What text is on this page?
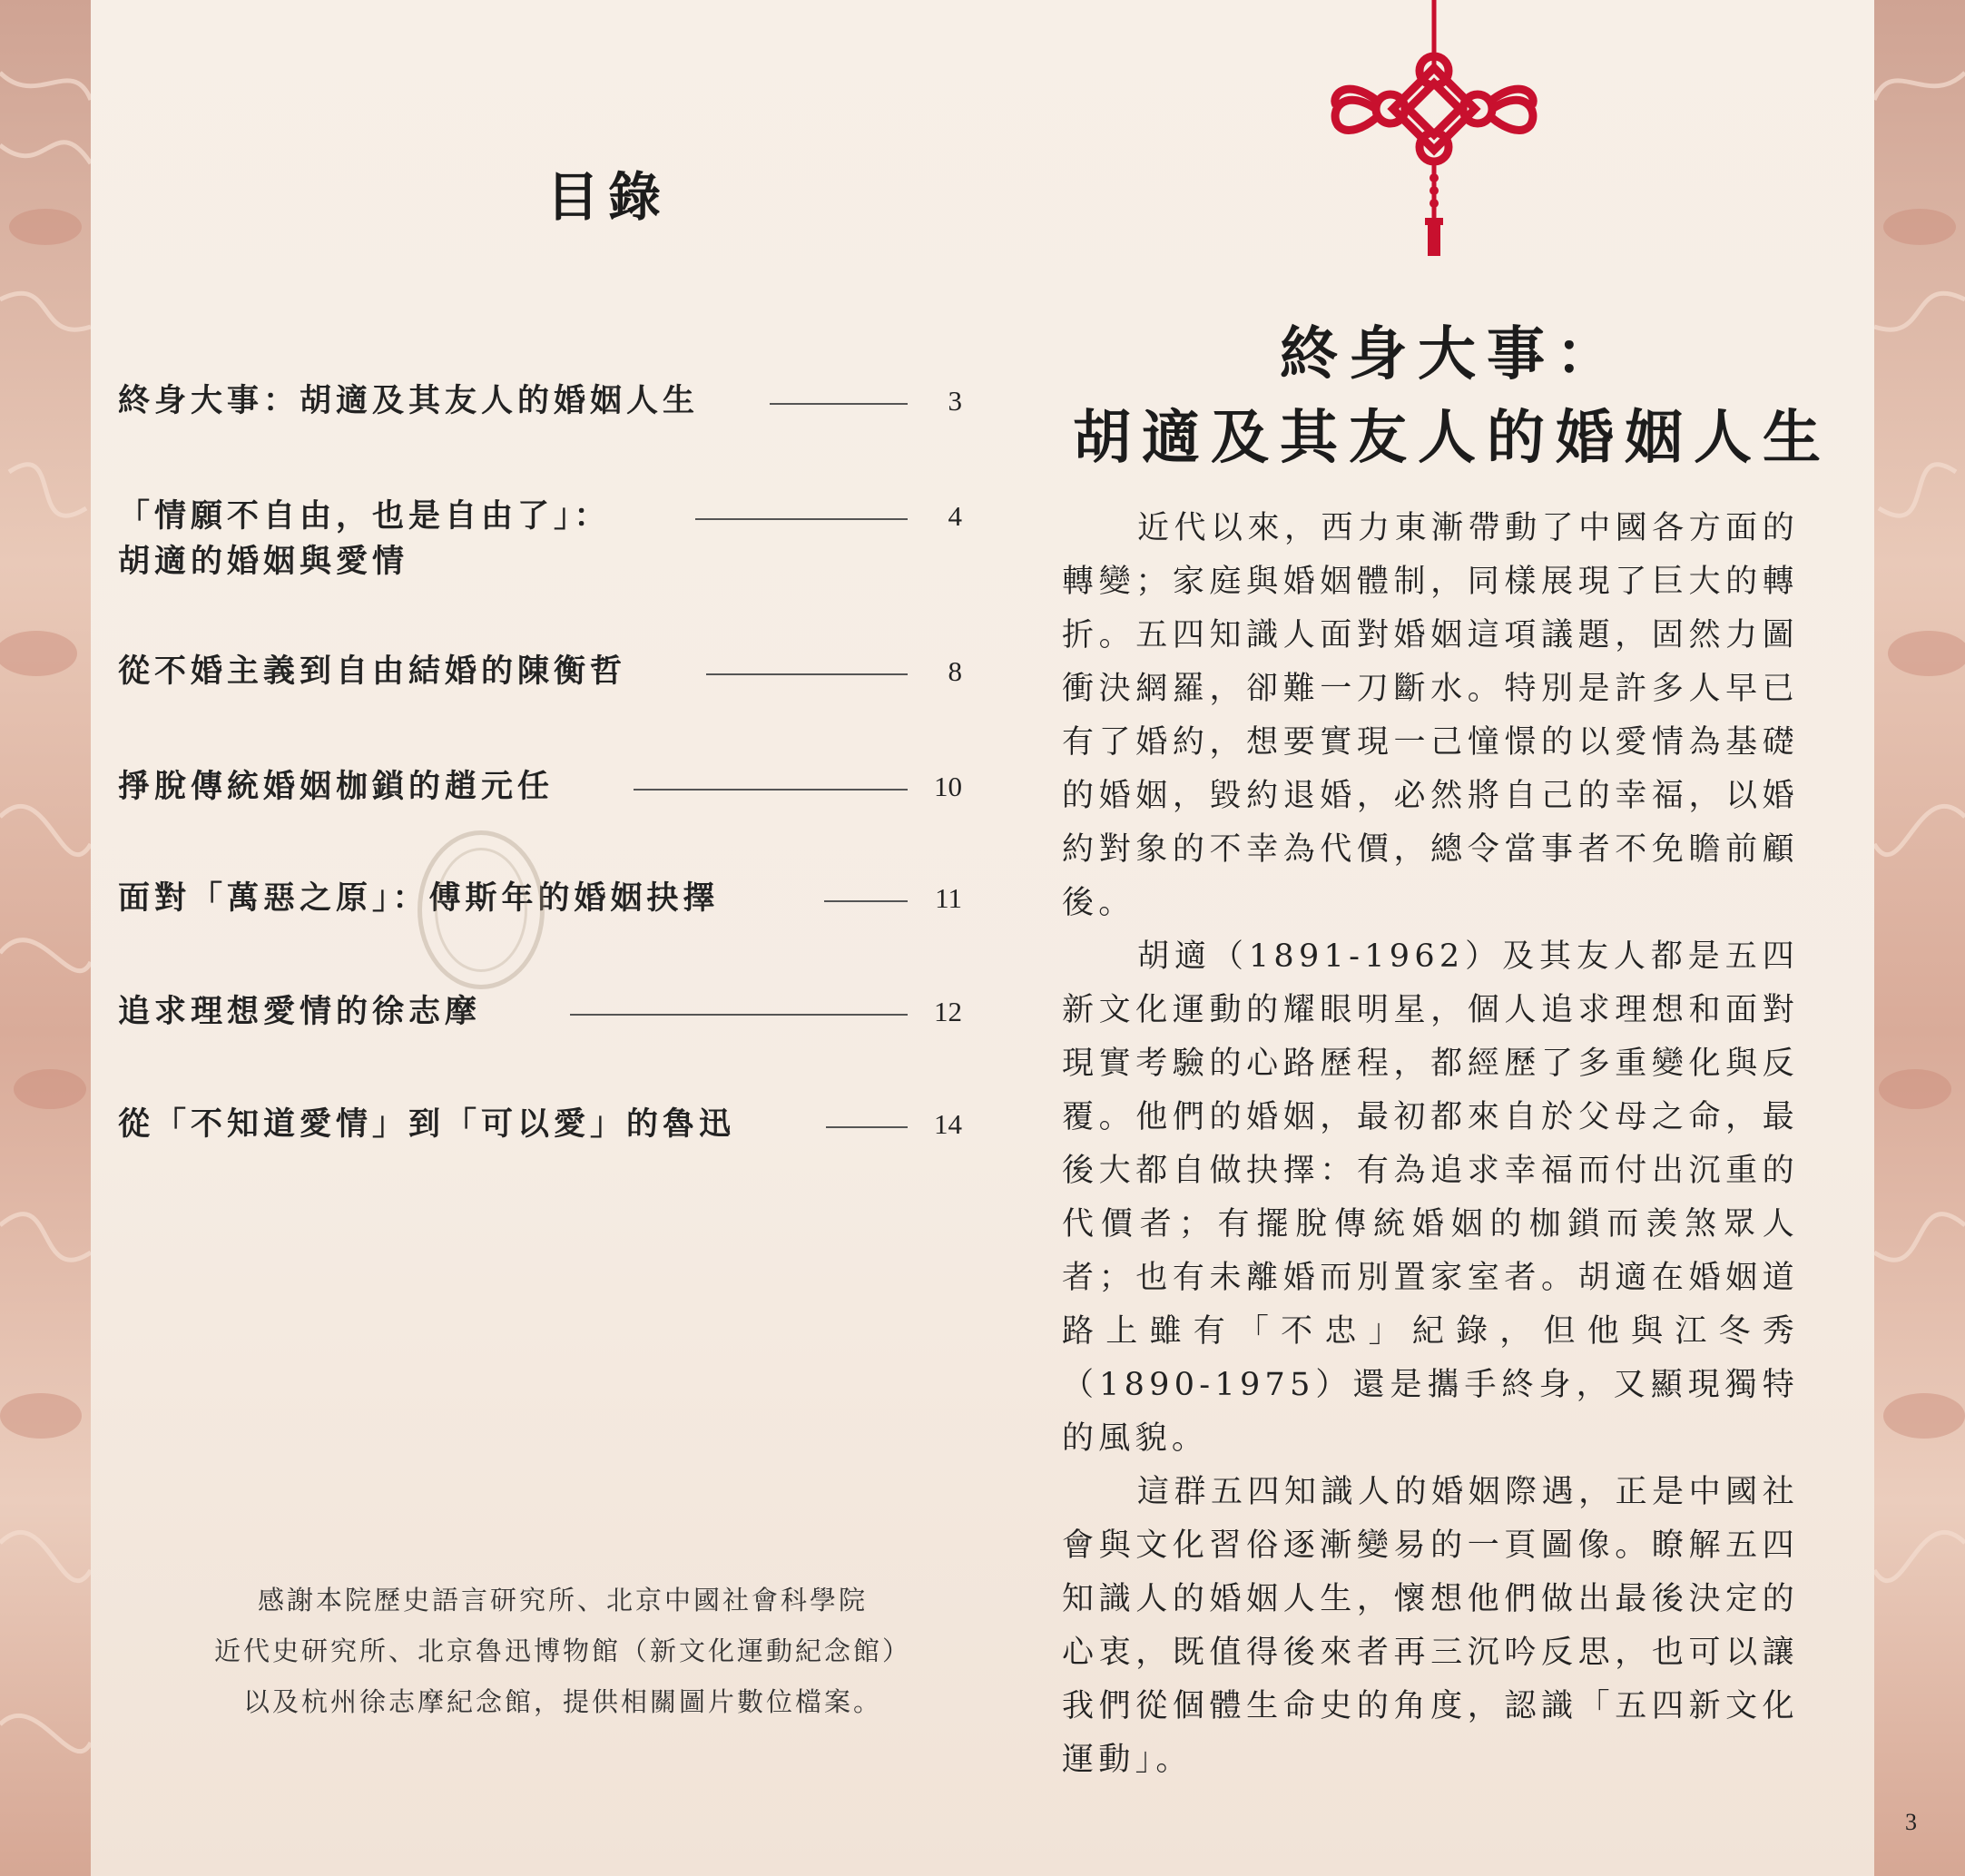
目錄
終身大事：胡適及其友人的婚姻人生	3
「情願不自由，也是自由了」：
胡適的婚姻與愛情
4
從不婚主義到自由結婚的陳衡哲	8
掙脫傳統婚姻枷鎖的趙元任	10
面對「萬惡之原」：傅斯年的婚姻抉擇	11
追求理想愛情的徐志摩	12
從「不知道愛情」到「可以愛」的魯迅	14
感謝本院歷史語言研究所、北京中國社會科學院
近代史研究所、北京魯迅博物館（新文化運動紀念館）
以及杭州徐志摩紀念館，提供相關圖片數位檔案。
終身大事：
胡適及其友人的婚姻人生

近代以來，西力東漸帶動了中國各方面的轉變；家庭與婚姻體制，同樣展現了巨大的轉折。五四知識人面對婚姻這項議題，固然力圖衝決網羅，卻難一刀斷水。特別是許多人早已有了婚約，想要實現一己憧憬的以愛情為基礎的婚姻，毀約退婚，必然將自己的幸福，以婚約對象的不幸為代價，總令當事者不免瞻前顧後。

胡適（1891-1962）及其友人都是五四新文化運動的耀眼明星，個人追求理想和面對現實考驗的心路歷程，都經歷了多重變化與反覆。他們的婚姻，最初都來自於父母之命，最後大都自做抉擇：有為追求幸福而付出沉重的代價者；有擺脫傳統婚姻的枷鎖而羡煞眾人者；也有未離婚而別置家室者。胡適在婚姻道路上雖有「不忠」紀錄，但他與江冬秀（1890-1975）還是攜手終身，又顯現獨特的風貌。

這群五四知識人的婚姻際遇，正是中國社會與文化習俗逐漸變易的一頁圖像。瞭解五四知識人的婚姻人生，懷想他們做出最後決定的心衷，既值得後來者再三沉吟反思，也可以讓我們從個體生命史的角度，認識「五四新文化運動」。

3
